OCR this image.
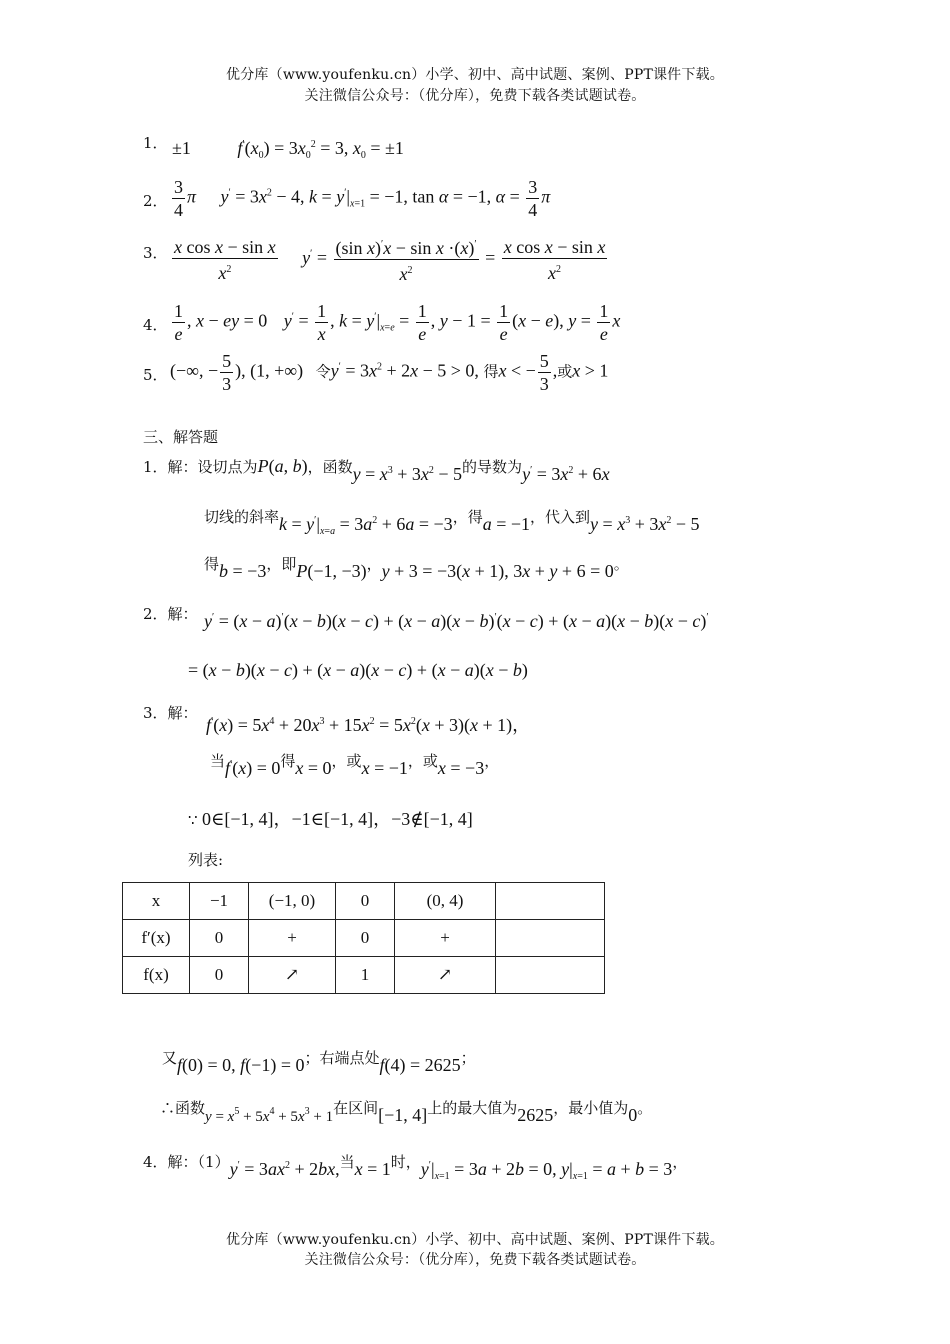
优分库（www.youfenku.cn）小学、初中、高中试题、案例、PPT课件下载。
关注微信公众号：（优分库），免费下载各类试题试卷。
1． ±1 $f'(x_0) = 3x_0^2 = 3$, $x_0 = \pm 1$
2． $\frac{3}{4}$ π $y' = 3x^2 - 4$, $k = y'|_{x=1} = -1$, tan α = −1, $\alpha = \frac{3}{4}$ π
3． $\frac{\text{x cos x − sin x}}{x^2} y' = \frac{(\sin x)'x - \sin x \cdot(x)'}{x^2} = \frac{\text{x cos x − sin x}}{x^2}$
4． $\frac{1}{e}$ , x − ey = 0 $y' = \frac{1}{x}$ , $k = y'|_{x=e} = \frac{1}{e}$ , $y - 1 = \frac{1}{e} (x - e)$, $y = \frac{1}{e}$ x
5． (−∞, − $\frac{5}{3}$ ), (1, +∞) 令$y' = 3x^2 + 2x - 5 > 0$, 得x < − $\frac{5}{3}$ ,或x > 1
三、解答题
1．解：设切点为P(a, b)，函数$y = x^3 + 3x^2 - 5$的导数为$y' = 3x^2 + 6x$
切线的斜率$k = y'|_{x=a} = 3a^2 + 6a = -3$，得a = −1，代入到$y = x^3 + 3x^2 - 5$
得b = −3，即P(−1, −3)，y + 3 = −3(x + 1), 3x + y + 6 = 0。
2．解： y′ = (x − a)′(x − b)(x − c) + (x − a)(x − b)′(x − c) + (x − a)(x − b)(x − c)′
= (x − b)(x − c) + (x − a)(x − c) + (x − a)(x − b)
3．解：
$f'(x) = 5x^4 + 20x^3 + 15x^2 = 5x^2(x + 3)(x + 1)$，
当f′(x) = 0得x = 0，或x = −1，或x = −3，
∵ 0∈[−1, 4]，−1∈[−1, 4]，−3∉[−1, 4]
列表:
x	−1	(−1, 0)	0	(0, 4)	
f′(x)	0	+	0	+	
f(x)	0	↗	1	↗	
又f(0) = 0, f(−1) = 0；右端点处f(4) = 2625；
∴函数$y = x^5 + 5x^4 + 5x^3 + 1$在区间[−1, 4]上的最大值为2625，最小值为0。
4．解：$(1)y' = 3ax^2 + 2bx$,当x = 1时，$y'|_{x=1} = 3a + 2b = 0$, $y|_{x=1} = a + b = 3$，
优分库（www.youfenku.cn）小学、初中、高中试题、案例、PPT课件下载。
关注微信公众号：（优分库），免费下载各类试题试卷。
